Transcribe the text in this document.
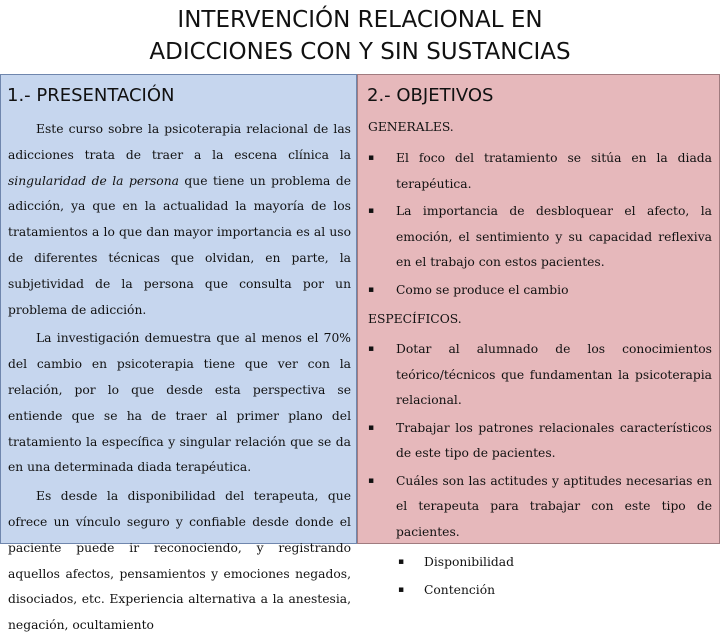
INTERVENCIÓN RELACIONAL EN
ADICCIONES CON Y SIN SUSTANCIAS
1.- PRESENTACIÓN

Este curso sobre la psicoterapia relacional de las adicciones trata de traer a la escena clínica la singularidad de la persona que tiene un problema de adicción, ya que en la actualidad la mayoría de los tratamientos a lo que dan mayor importancia es al uso de diferentes técnicas que olvidan, en parte, la subjetividad de la persona que consulta por un problema de adicción.

La investigación demuestra que al menos el 70% del cambio en psicoterapia tiene que ver con la relación, por lo que desde esta perspectiva se entiende que se ha de traer al primer plano del tratamiento la específica y singular relación que se da en una determinada diada terapéutica.

Es desde la disponibilidad del terapeuta, que ofrece un vínculo seguro y confiable desde donde el paciente puede ir reconociendo, y registrando aquellos afectos, pensamientos y emociones negados, disociados, etc. Experiencia alternativa a la anestesia, negación, ocultamiento

2.- OBJETIVOS
GENERALES.
▪ El foco del tratamiento se sitúa en la diada terapéutica.
▪ La importancia de desbloquear el afecto, la emoción, el sentimiento y su capacidad reflexiva en el trabajo con estos pacientes.
▪ Como se produce el cambio
ESPECÍFICOS.
▪ Dotar al alumnado de los conocimientos teórico/técnicos que fundamentan la psicoterapia relacional.
▪ Trabajar los patrones relacionales característicos de este tipo de pacientes.
▪ Cuáles son las actitudes y aptitudes necesarias en el terapeuta para trabajar con este tipo de pacientes.
▪ Disponibilidad
▪ Contención
